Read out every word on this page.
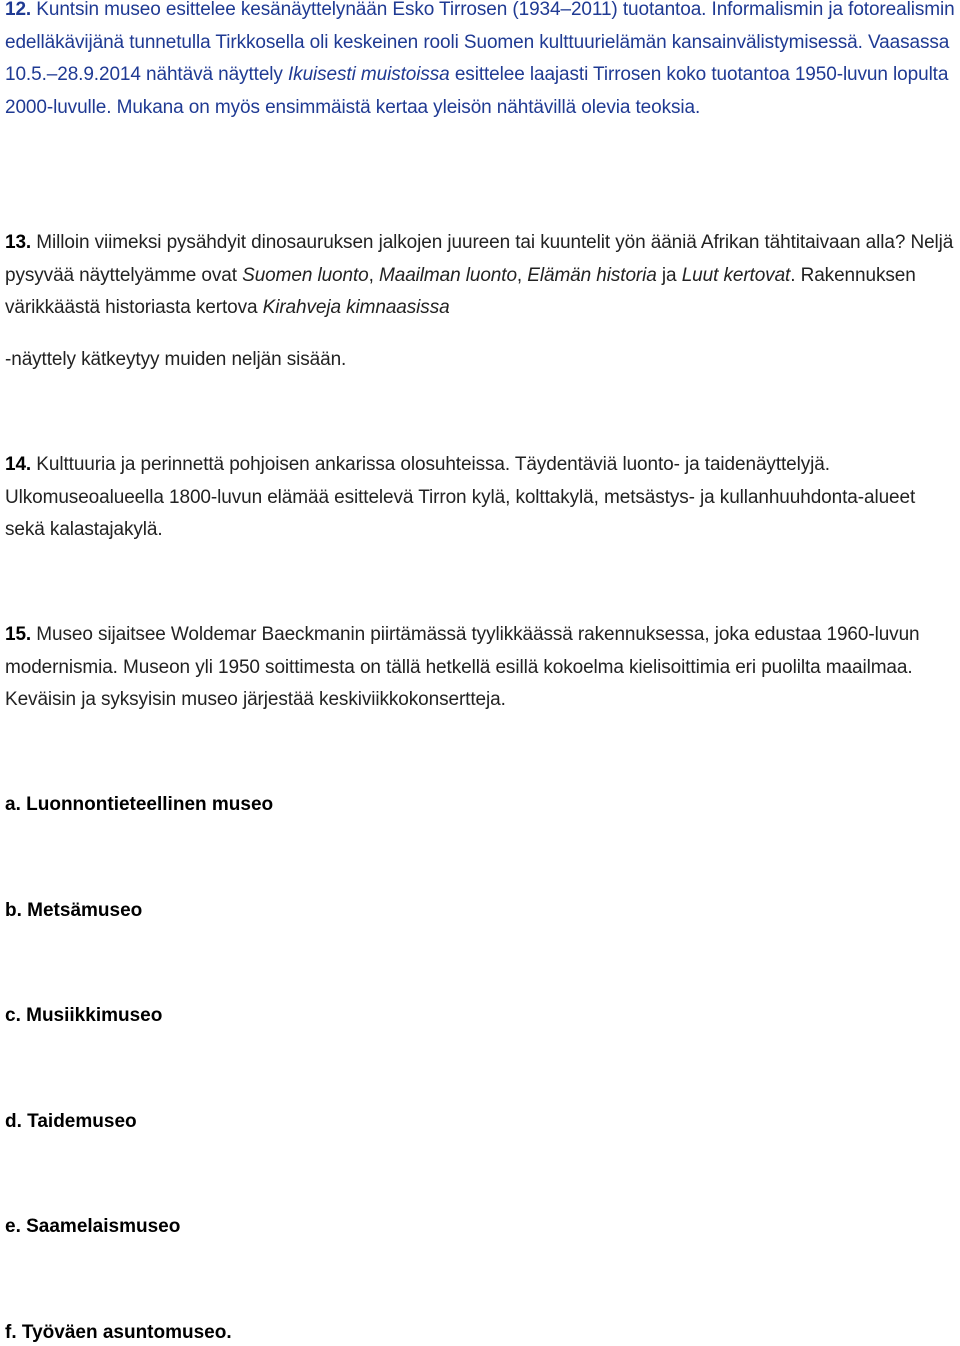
12. Kuntsin museo esittelee kesänäyttelynään Esko Tirrosen (1934–2011) tuotantoa. Informalismin ja fotorealismin edelläkävijänä tunnetulla Tirkkosella oli keskeinen rooli Suomen kulttuurielämän kansainvälistymisessä. Vaasassa 10.5.–28.9.2014 nähtävä näyttely Ikuisesti muistoissa esittelee laajasti Tirrosen koko tuotantoa 1950-luvun lopulta 2000-luvulle. Mukana on myös ensimmäistä kertaa yleisön nähtävillä olevia teoksia.

13. Milloin viimeksi pysähdyit dinosauruksen jalkojen juureen tai kuuntelit yön ääniä Afrikan tähtitaivaan alla? Neljä pysyvää näyttelyämme ovat Suomen luonto, Maailman luonto, Elämän historia ja Luut kertovat. Rakennuksen värikkäästä historiasta kertova Kirahveja kimnaasissa

-näyttely kätkeytyy muiden neljän sisään.

14. Kulttuuria ja perinnettä pohjoisen ankarissa olosuhteissa. Täydentäviä luonto- ja taidenäyttelyjä. Ulkomuseoalueella 1800-luvun elämää esittelevä Tirron kylä, kolttakylä, metsästys- ja kullanhuuhdonta-alueet sekä kalastajakylä.

15. Museo sijaitsee Woldemar Baeckmanin piirtämässä tyylikkäässä rakennuksessa, joka edustaa 1960-luvun modernismia. Museon yli 1950 soittimesta on tällä hetkellä esillä kokoelma kielisoittimia eri puolilta maailmaa. Keväisin ja syksyisin museo järjestää keskiviikkokonsertteja.

a. Luonnontieteellinen museo

b. Metsämuseo

c. Musiikkimuseo

d. Taidemuseo

e. Saamelaismuseo

f. Työväen asuntomuseo.
